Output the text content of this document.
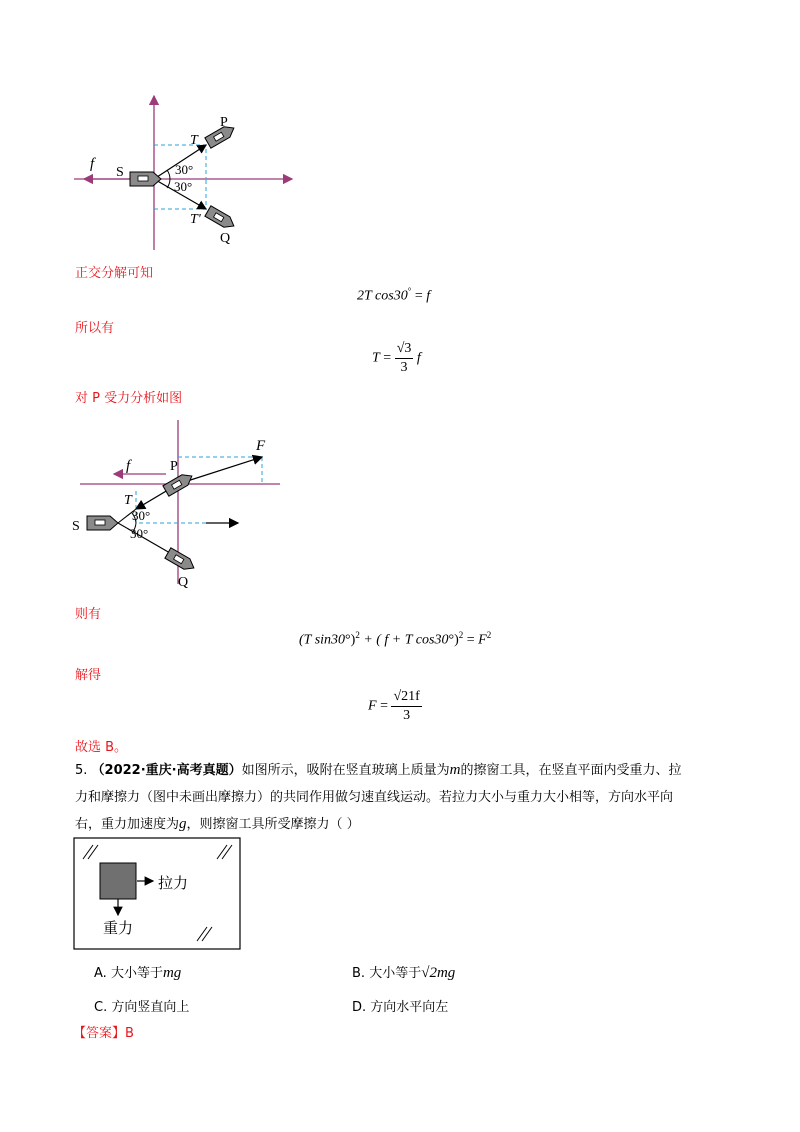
f
S
P
Q
T
T'
30°
30°
正交分解可知
2T cos30° = f
所以有
$T = \frac{√3}{3}$ f
对 P 受力分析如图
F
f	P
T
S
Q
30°
30°
则有
(T sin30°)$^2$ + ( f + T $\cos 30^\circ)^2 = F^2$
解得
$F = \frac{√21f}{3}$
故选 B。
5. （2022·重庆·高考真题）如图所示，吸附在竖直玻璃上质量为m的擦窗工具，在竖直平面内受重力、拉
力和摩擦力（图中未画出摩擦力）的共同作用做匀速直线运动。若拉力大小与重力大小相等，方向水平向
右，重力加速度为g，则擦窗工具所受摩擦力（ ）
拉力
重力
A. 大小等于mg	B. 大小等于√2mg
C. 方向竖直向上	D. 方向水平向左
【答案】B
